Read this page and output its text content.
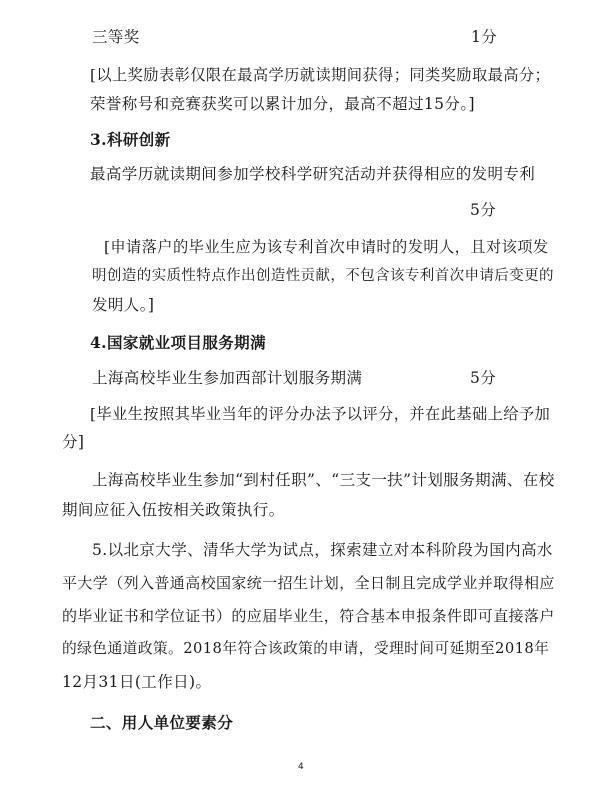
三等奖	1分
[以上奖励表彰仅限在最高学历就读期间获得；同类奖励取最高分；
荣誉称号和竞赛获奖可以累计加分，最高不超过15分。]
3.科研创新
最高学历就读期间参加学校科学研究活动并获得相应的发明专利
5分
[申请落户的毕业生应为该专利首次申请时的发明人，且对该项发
明创造的实质性特点作出创造性贡献，不包含该专利首次申请后变更的
发明人。]
4.国家就业项目服务期满
上海高校毕业生参加西部计划服务期满	5分
[毕业生按照其毕业当年的评分办法予以评分，并在此基础上给予加
分]
上海高校毕业生参加“到村任职”、“三支一扶”计划服务期满、在校
期间应征入伍按相关政策执行。
5.以北京大学、清华大学为试点，探索建立对本科阶段为国内高水
平大学（列入普通高校国家统一招生计划，全日制且完成学业并取得相应
的毕业证书和学位证书）的应届毕业生，符合基本申报条件即可直接落户
的绿色通道政策。2018年符合该政策的申请，受理时间可延期至2018年
12月31日(工作日)。
二、用人单位要素分
4
